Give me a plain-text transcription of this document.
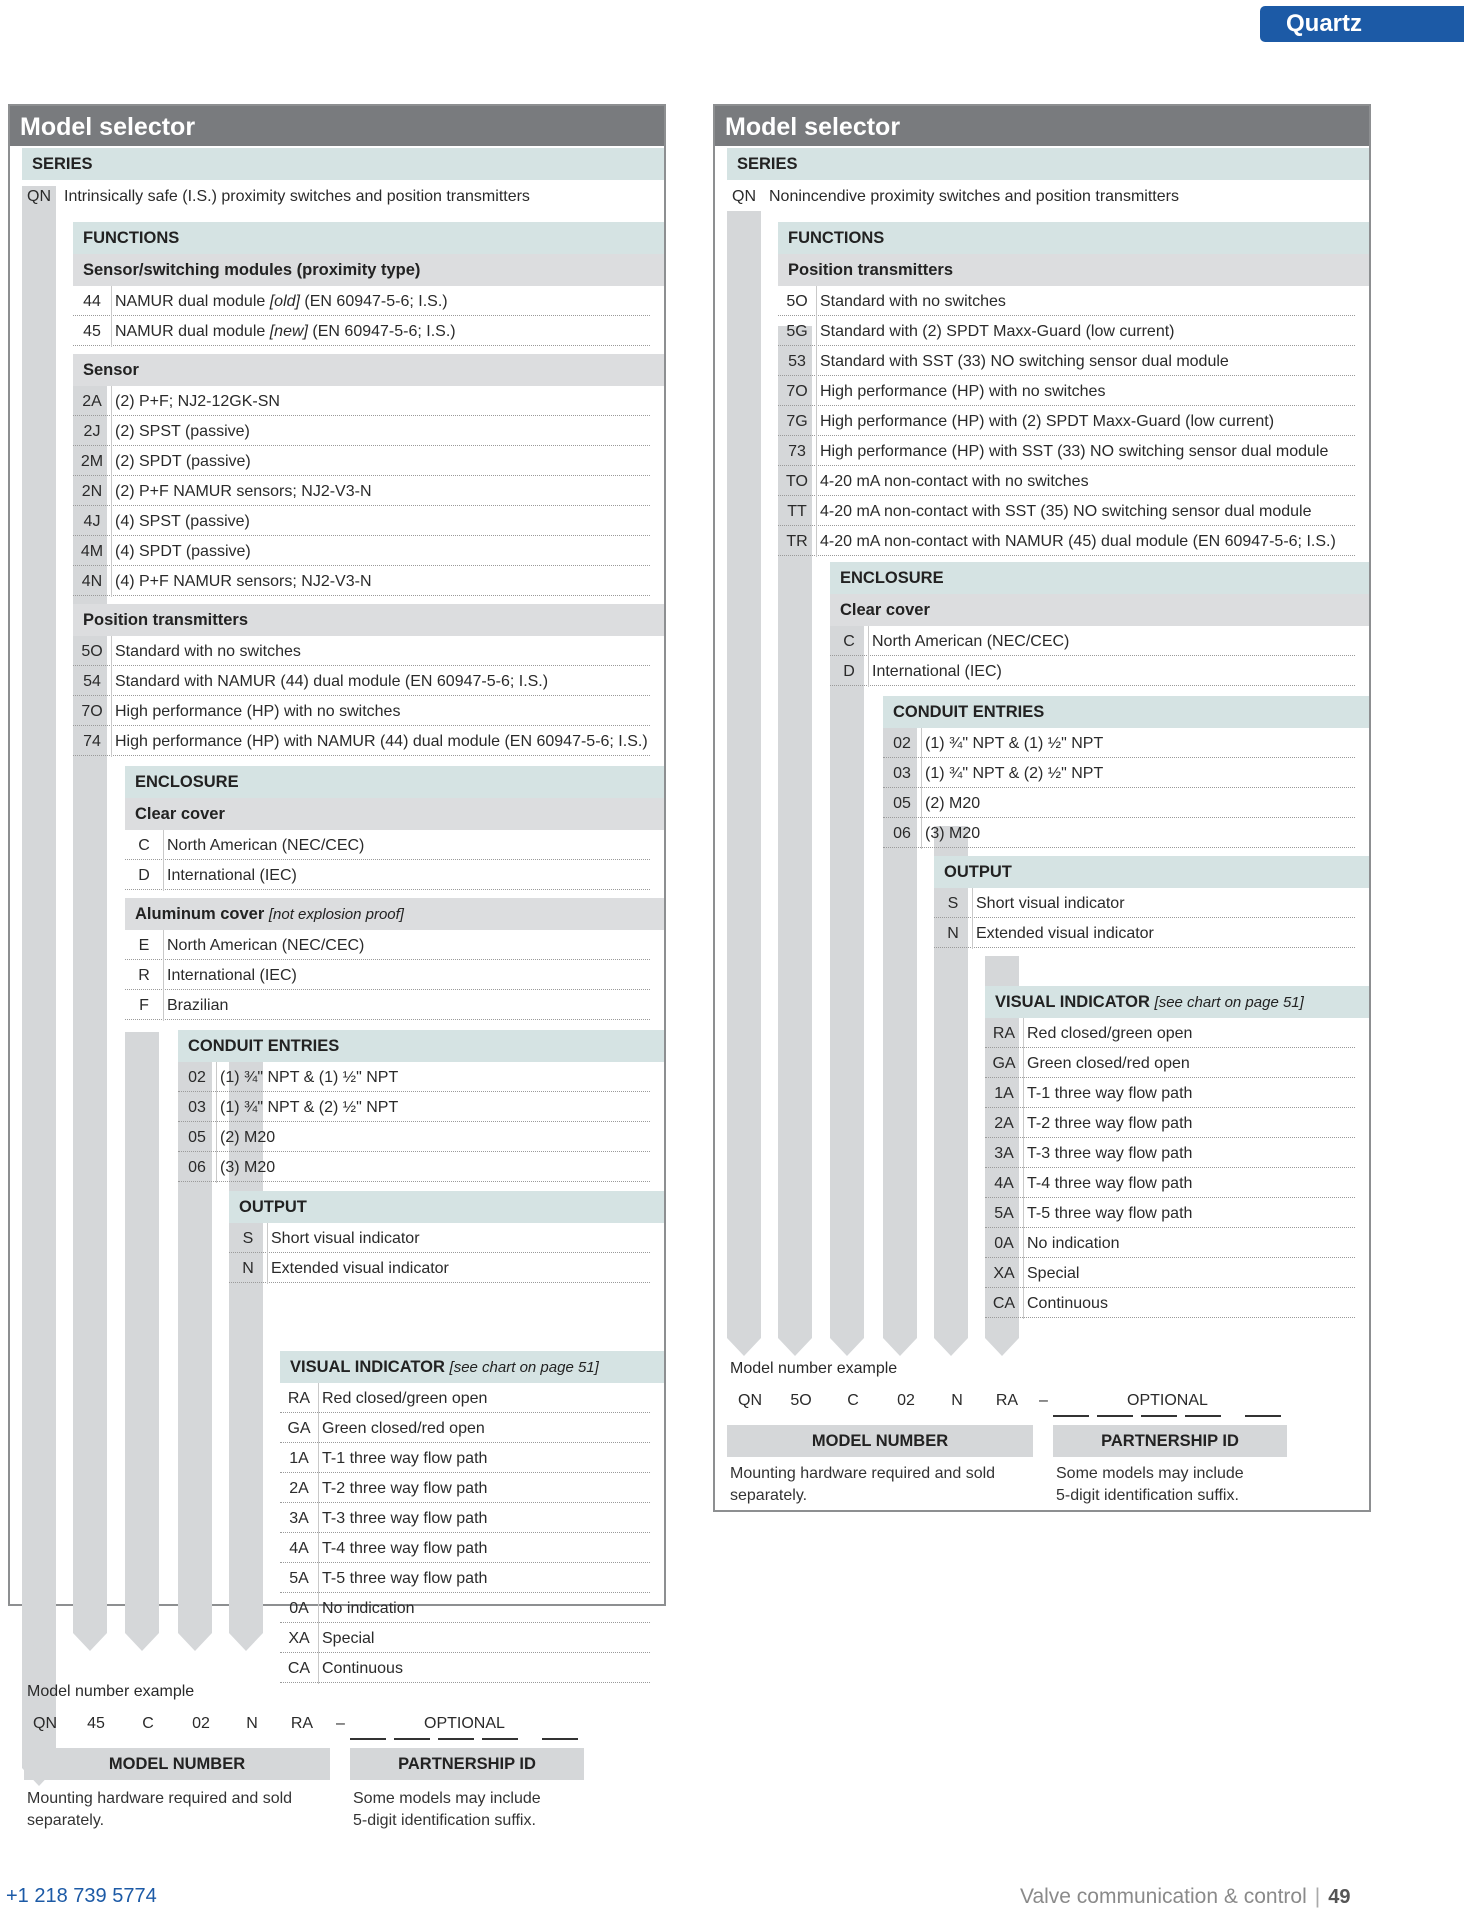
Quartz
Model selector
SERIES
QN Intrinsically safe (I.S.) proximity switches and position transmitters
FUNCTIONS
Sensor/switching modules (proximity type)
44 NAMUR dual module [old] (EN 60947-5-6; I.S.)
45 NAMUR dual module [new] (EN 60947-5-6; I.S.)
Sensor
2A (2) P+F; NJ2-12GK-SN
2J (2) SPST (passive)
2M (2) SPDT (passive)
2N (2) P+F NAMUR sensors; NJ2-V3-N
4J (4) SPST (passive)
4M (4) SPDT (passive)
4N (4) P+F NAMUR sensors; NJ2-V3-N
Position transmitters
5O Standard with no switches
54 Standard with NAMUR (44) dual module (EN 60947-5-6; I.S.)
7O High performance (HP) with no switches
74 High performance (HP) with NAMUR (44) dual module (EN 60947-5-6; I.S.)
ENCLOSURE
Clear cover
C	North American (NEC/CEC)
D	International (IEC)
Aluminum cover [not explosion proof]
E	North American (NEC/CEC)
R	International (IEC)
F	Brazilian
CONDUIT ENTRIES
02 (1) ¾" NPT & (1) ½" NPT
03 (1) ¾" NPT & (2) ½" NPT
05 (2) M20
06 (3) M20
OUTPUT
S	Short visual indicator
N	Extended visual indicator
VISUAL INDICATOR [see chart on page 51]
RA Red closed/green open
GA Green closed/red open
1A T-1 three way flow path
2A T-2 three way flow path
3A T-3 three way flow path
4A T-4 three way flow path
5A T-5 three way flow path
0A No indication
XA Special
CA Continuous
Model number example
QN	45	C	02	N	RA	–	OPTIONAL
MODEL NUMBER	PARTNERSHIP ID
Mounting hardware required and sold
separately.
Some models may include
5-digit identification suffix.
Model selector
SERIES
QN Nonincendive proximity switches and position transmitters
FUNCTIONS
Position transmitters
5O Standard with no switches
5G Standard with (2) SPDT Maxx-Guard (low current)
53 Standard with SST (33) NO switching sensor dual module
7O High performance (HP) with no switches
7G High performance (HP) with (2) SPDT Maxx-Guard (low current)
73 High performance (HP) with SST (33) NO switching sensor dual module
TO 4-20 mA non-contact with no switches
TT 4-20 mA non-contact with SST (35) NO switching sensor dual module
TR 4-20 mA non-contact with NAMUR (45) dual module (EN 60947-5-6; I.S.)
ENCLOSURE
Clear cover
C	North American (NEC/CEC)
D	International (IEC)
CONDUIT ENTRIES
02 (1) ¾" NPT & (1) ½" NPT
03 (1) ¾" NPT & (2) ½" NPT
05 (2) M20
06 (3) M20
OUTPUT
S	Short visual indicator
N	Extended visual indicator
VISUAL INDICATOR [see chart on page 51]
RA Red closed/green open
GA Green closed/red open
1A T-1 three way flow path
2A T-2 three way flow path
3A T-3 three way flow path
4A T-4 three way flow path
5A T-5 three way flow path
0A No indication
XA Special
CA Continuous
Model number example
QN	5O	C	02	N	RA	–	OPTIONAL
MODEL NUMBER	PARTNERSHIP ID
Mounting hardware required and sold
separately.
Some models may include
5-digit identification suffix.
+1 218 739 5774	Valve communication & control | 49
